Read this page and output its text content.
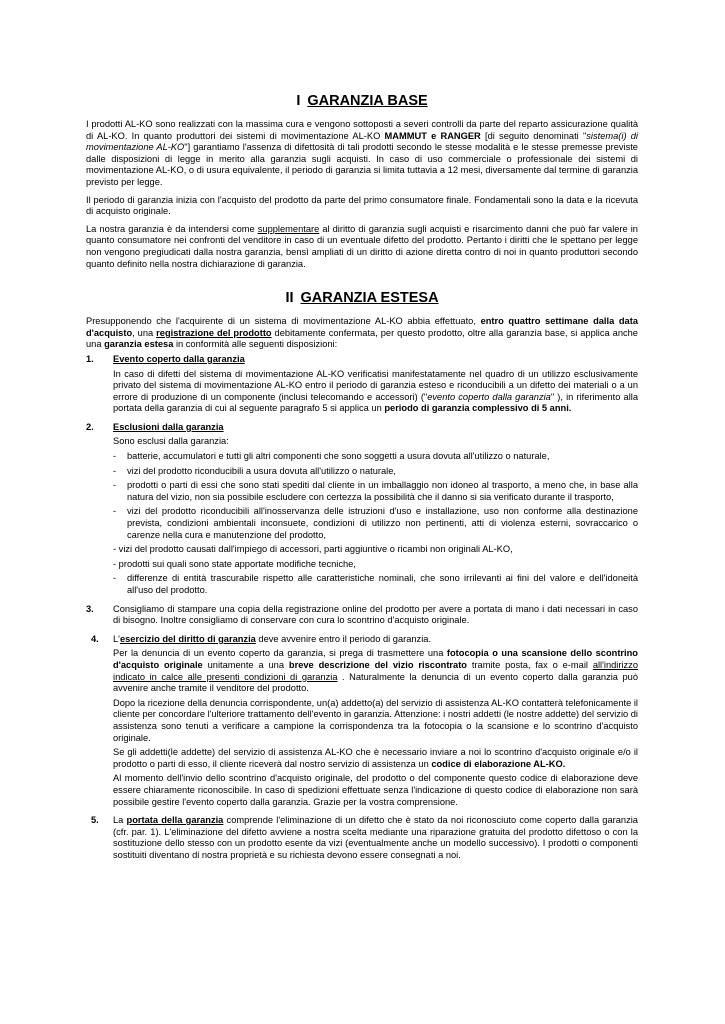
I GARANZIA BASE

I prodotti AL-KO sono realizzati con la massima cura e vengono sottoposti a severi controlli da parte del reparto assicurazione qualità di AL-KO. In quanto produttori dei sistemi di movimentazione AL-KO MAMMUT e RANGER [di seguito denominati "sistema(i) di movimentazione AL-KO"] garantiamo l'assenza di difettosità di tali prodotti secondo le stesse modalità e le stesse premesse previste dalle disposizioni di legge in merito alla garanzia sugli acquisti. In caso di uso commerciale o professionale dei sistemi di movimentazione AL-KO, o di usura equivalente, il periodo di garanzia si limita tuttavia a 12 mesi, diversamente dal termine di garanzia previsto per legge.

Il periodo di garanzia inizia con l'acquisto del prodotto da parte del primo consumatore finale. Fondamentali sono la data e la ricevuta di acquisto originale.

La nostra garanzia è da intendersi come supplementare al diritto di garanzia sugli acquisti e risarcimento danni che può far valere in quanto consumatore nei confronti del venditore in caso di un eventuale difetto del prodotto. Pertanto i diritti che le spettano per legge non vengono pregiudicati dalla nostra garanzia, bensì ampliati di un diritto di azione diretta contro di noi in quanto produttori secondo quanto definito nella nostra dichiarazione di garanzia.

II GARANZIA ESTESA

Presupponendo che l'acquirente di un sistema di movimentazione AL-KO abbia effettuato, entro quattro settimane dalla data d'acquisto, una registrazione del prodotto debitamente confermata, per questo prodotto, oltre alla garanzia base, si applica anche una garanzia estesa in conformità alle seguenti disposizioni:

1. Evento coperto dalla garanzia

In caso di difetti del sistema di movimentazione AL-KO verificatisi manifestatamente nel quadro di un utilizzo esclusivamente privato del sistema di movimentazione AL-KO entro il periodo di garanzia esteso e riconducibili a un difetto dei materiali o a un errore di produzione di un componente (inclusi telecomando e accessori) ("evento coperto dalla garanzia" ), in riferimento alla portata della garanzia di cui al seguente paragrafo 5 si applica un periodo di garanzia complessivo di 5 anni.

2. Esclusioni dalla garanzia

Sono esclusi dalla garanzia:

- batterie, accumulatori e tutti gli altri componenti che sono soggetti a usura dovuta all'utilizzo o naturale,
- vizi del prodotto riconducibili a usura dovuta all'utilizzo o naturale,
- prodotti o parti di essi che sono stati spediti dal cliente in un imballaggio non idoneo al trasporto, a meno che, in base alla natura del vizio, non sia possibile escludere con certezza la possibilità che il danno si sia verificato durante il trasporto,
- vizi del prodotto riconducibili all'inosservanza delle istruzioni d'uso e installazione, uso non conforme alla destinazione prevista, condizioni ambientali inconsuete, condizioni di utilizzo non pertinenti, atti di violenza esterni, sovraccarico o carenze nella cura e manutenzione del prodotto,
- vizi del prodotto causati dall'impiego di accessori, parti aggiuntive o ricambi non originali AL-KO,
- prodotti sui quali sono state apportate modifiche tecniche,
- differenze di entità trascurabile rispetto alle caratteristiche nominali, che sono irrilevanti ai fini del valore e dell'idoneità all'uso del prodotto.
3. Consigliamo di stampare una copia della registrazione online del prodotto per avere a portata di mano i dati necessari in caso di bisogno. Inoltre consigliamo di conservare con cura lo scontrino d'acquisto originale.

4. L'esercizio del diritto di garanzia deve avvenire entro il periodo di garanzia.

Per la denuncia di un evento coperto da garanzia, si prega di trasmettere una fotocopia o una scansione dello scontrino d'acquisto originale unitamente a una breve descrizione del vizio riscontrato tramite posta, fax o e-mail all'indirizzo indicato in calce alle presenti condizioni di garanzia . Naturalmente la denuncia di un evento coperto dalla garanzia può avvenire anche tramite il venditore del prodotto.

Dopo la ricezione della denuncia corrispondente, un(a) addetto(a) del servizio di assistenza AL-KO contatterà telefonicamente il cliente per concordare l'ulteriore trattamento dell'evento in garanzia. Attenzione: i nostri addetti (le nostre addette) del servizio di assistenza sono tenuti a verificare a campione la corrispondenza tra la fotocopia o la scansione e lo scontrino d'acquisto originale.

Se gli addetti(le addette) del servizio di assistenza AL-KO che è necessario inviare a noi lo scontrino d'acquisto originale e/o il prodotto o parti di esso, il cliente riceverà dal nostro servizio di assistenza un codice di elaborazione AL-KO.

Al momento dell'invio dello scontrino d'acquisto originale, del prodotto o del componente questo codice di elaborazione deve essere chiaramente riconoscibile. In caso di spedizioni effettuate senza l'indicazione di questo codice di elaborazione non sarà possibile gestire l'evento coperto dalla garanzia. Grazie per la vostra comprensione.

5. La portata della garanzia comprende l'eliminazione di un difetto che è stato da noi riconosciuto come coperto dalla garanzia (cfr. par. 1). L'eliminazione del difetto avviene a nostra scelta mediante una riparazione gratuita del prodotto difettoso o con la sostituzione dello stesso con un prodotto esente da vizi (eventualmente anche un modello successivo). I prodotti o componenti sostituiti diventano di nostra proprietà e su richiesta devono essere consegnati a noi.
